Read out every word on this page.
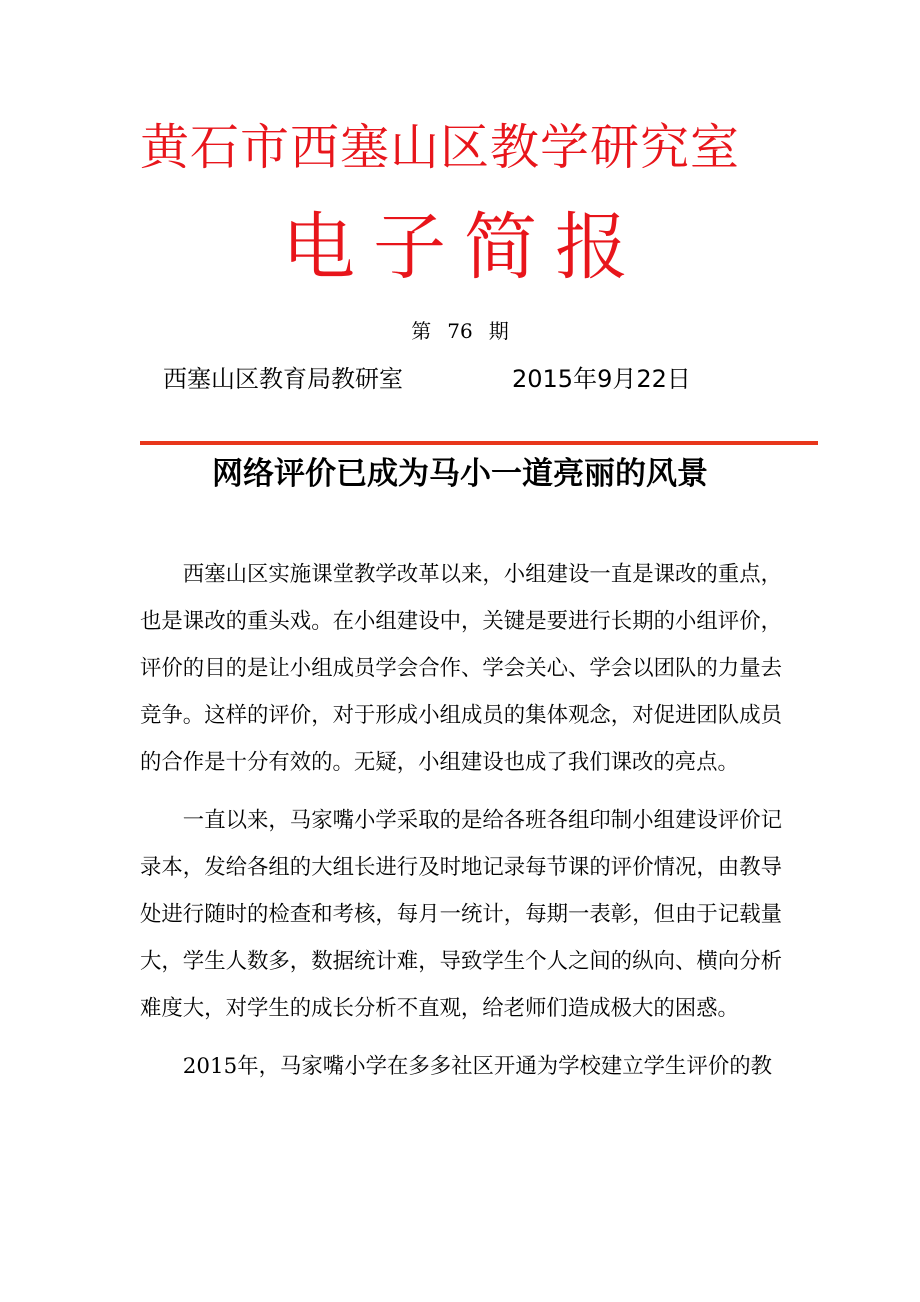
黄石市西塞山区教学研究室
电子简报
第 76 期
西塞山区教育局教研室	2015年9月22日
网络评价已成为马小一道亮丽的风景

西塞山区实施课堂教学改革以来，小组建设一直是课改的重点，也是课改的重头戏。在小组建设中，关键是要进行长期的小组评价，评价的目的是让小组成员学会合作、学会关心、学会以团队的力量去竞争。这样的评价，对于形成小组成员的集体观念，对促进团队成员的合作是十分有效的。无疑，小组建设也成了我们课改的亮点。

一直以来，马家嘴小学采取的是给各班各组印制小组建设评价记录本，发给各组的大组长进行及时地记录每节课的评价情况，由教导处进行随时的检查和考核，每月一统计，每期一表彰，但由于记载量大，学生人数多，数据统计难，导致学生个人之间的纵向、横向分析难度大，对学生的成长分析不直观，给老师们造成极大的困惑。

2015年，马家嘴小学在多多社区开通为学校建立学生评价的教
